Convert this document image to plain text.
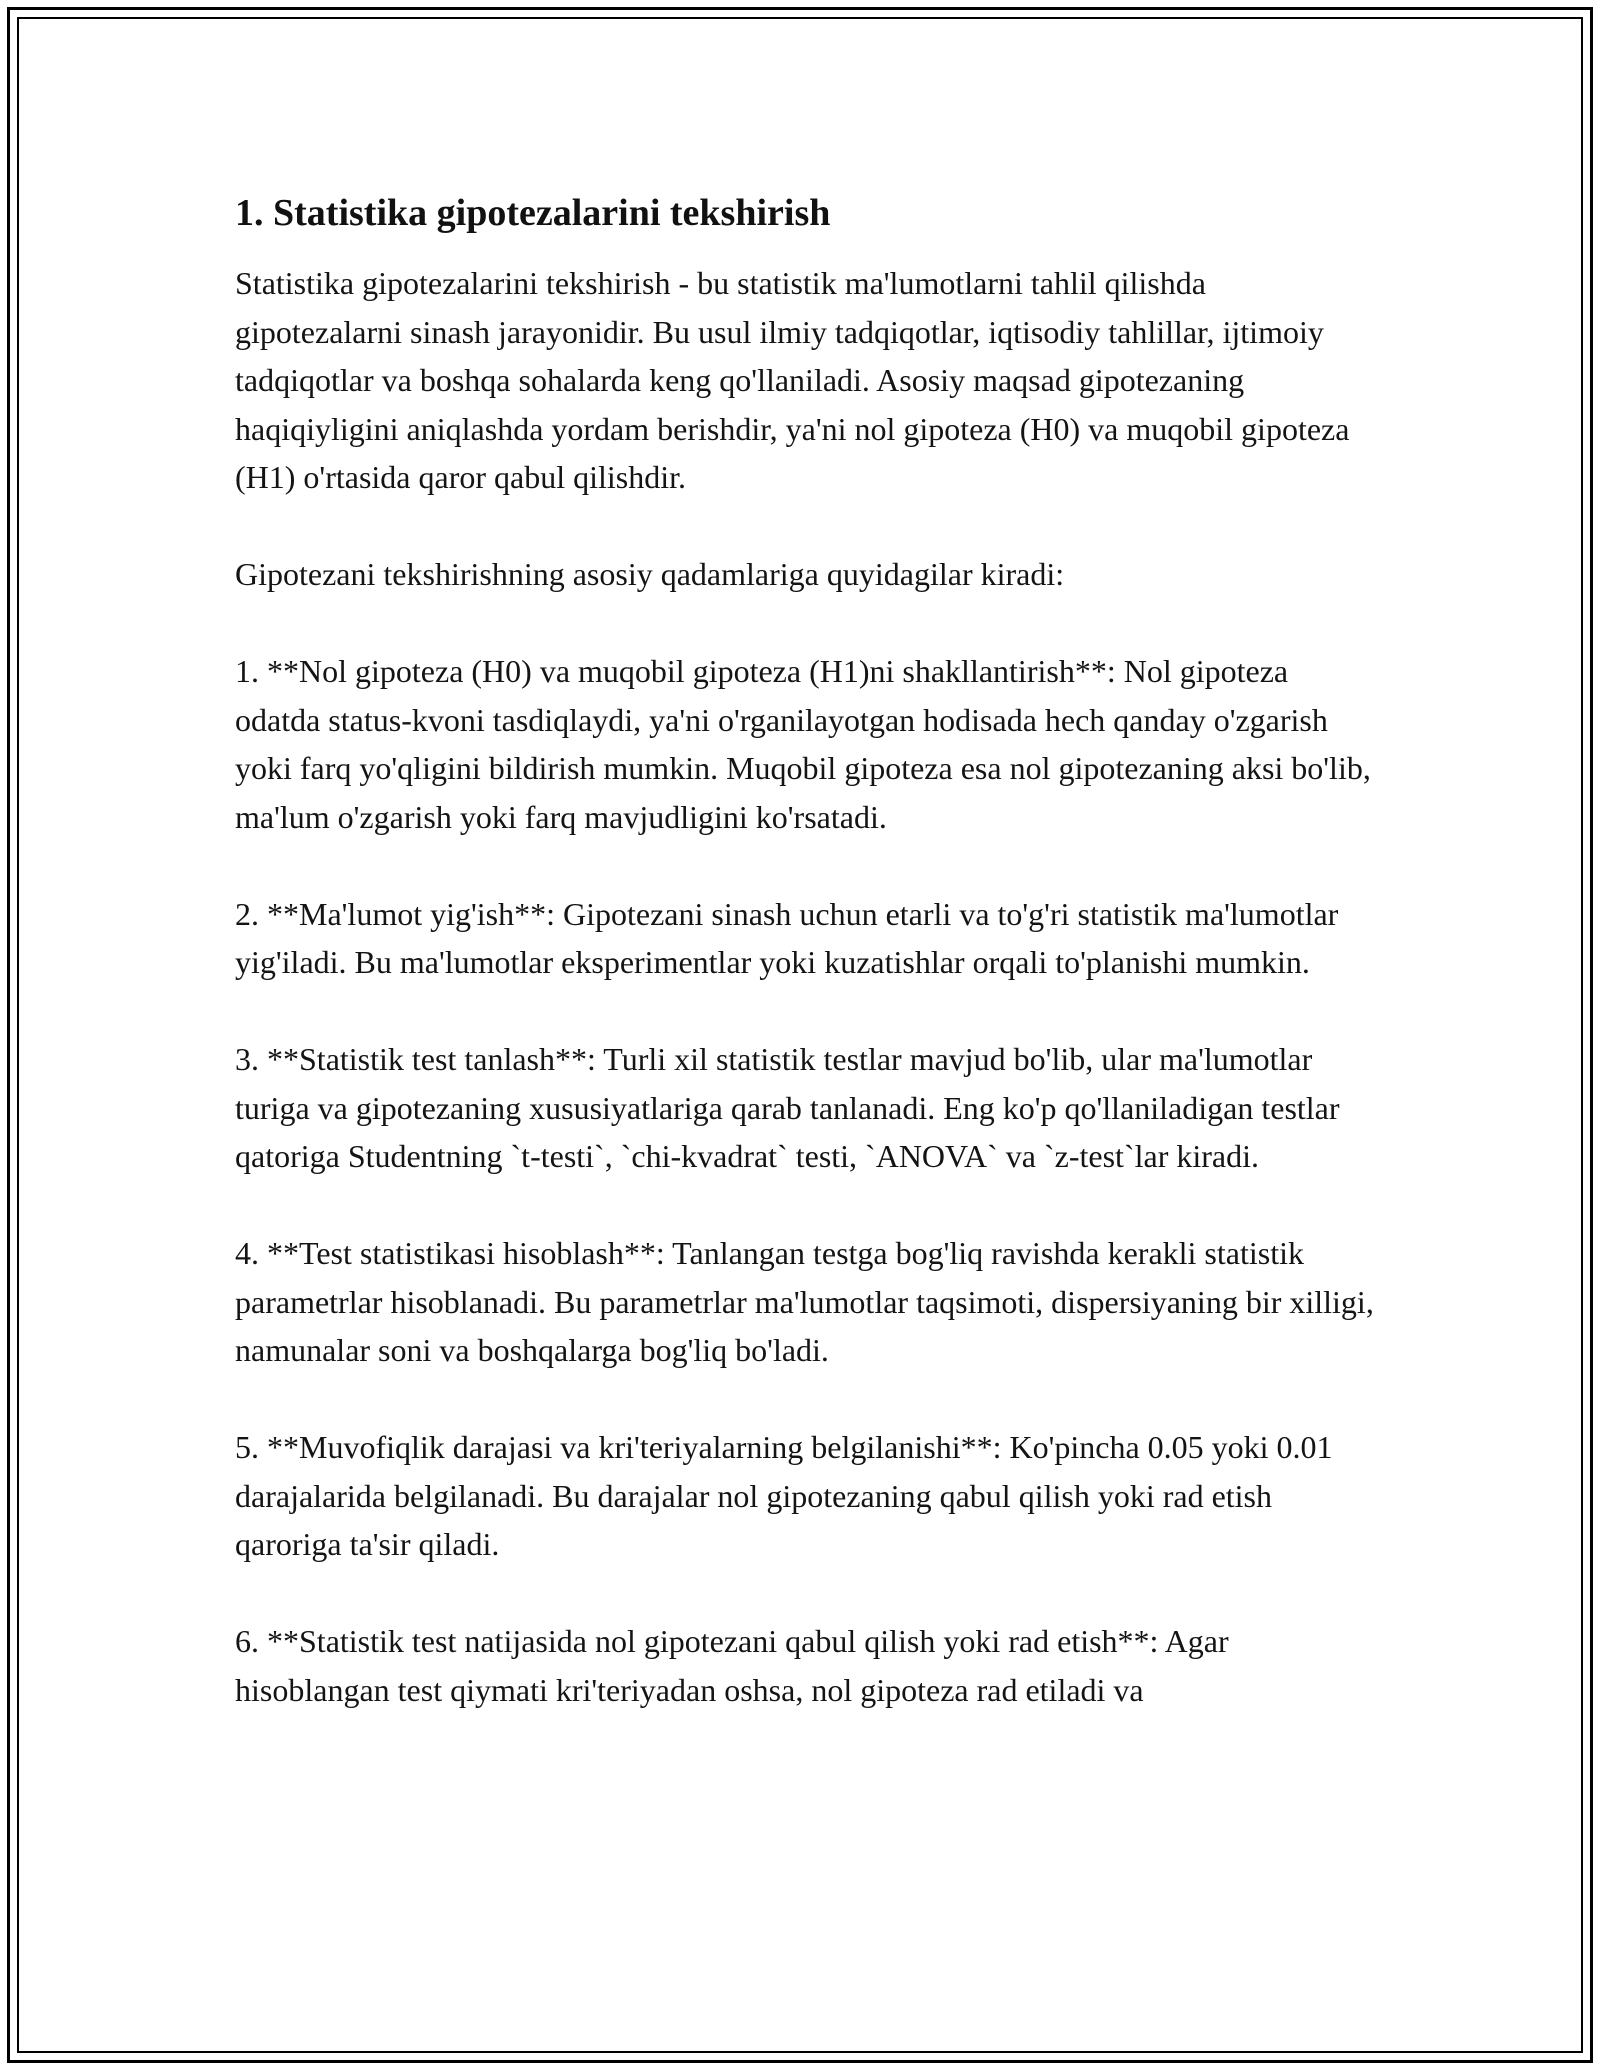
1. Statistika gipotezalarini tekshirish

Statistika gipotezalarini tekshirish - bu statistik ma'lumotlarni tahlil qilishda gipotezalarni sinash jarayonidir. Bu usul ilmiy tadqiqotlar, iqtisodiy tahlillar, ijtimoiy tadqiqotlar va boshqa sohalarda keng qo'llaniladi. Asosiy maqsad gipotezaning haqiqiyligini aniqlashda yordam berishdir, ya'ni nol gipoteza (H0) va muqobil gipoteza (H1) o'rtasida qaror qabul qilishdir.

Gipotezani tekshirishning asosiy qadamlariga quyidagilar kiradi:

1. **Nol gipoteza (H0) va muqobil gipoteza (H1)ni shakllantirish**: Nol gipoteza odatda status-kvoni tasdiqlaydi, ya'ni o'rganilayotgan hodisada hech qanday o'zgarish yoki farq yo'qligini bildirish mumkin. Muqobil gipoteza esa nol gipotezaning aksi bo'lib, ma'lum o'zgarish yoki farq mavjudligini ko'rsatadi.

2. **Ma'lumot yig'ish**: Gipotezani sinash uchun etarli va to'g'ri statistik ma'lumotlar yig'iladi. Bu ma'lumotlar eksperimentlar yoki kuzatishlar orqali to'planishi mumkin.

3. **Statistik test tanlash**: Turli xil statistik testlar mavjud bo'lib, ular ma'lumotlar turiga va gipotezaning xususiyatlariga qarab tanlanadi. Eng ko'p qo'llaniladigan testlar qatoriga Studentning `t-testi`, `chi-kvadrat` testi, `ANOVA` va `z-test`lar kiradi.

4. **Test statistikasi hisoblash**: Tanlangan testga bog'liq ravishda kerakli statistik parametrlar hisoblanadi. Bu parametrlar ma'lumotlar taqsimoti, dispersiyaning bir xilligi, namunalar soni va boshqalarga bog'liq bo'ladi.

5. **Muvofiqlik darajasi va kri'teriyalarning belgilanishi**: Ko'pincha 0.05 yoki 0.01 darajalarida belgilanadi. Bu darajalar nol gipotezaning qabul qilish yoki rad etish qaroriga ta'sir qiladi.

6. **Statistik test natijasida nol gipotezani qabul qilish yoki rad etish**: Agar hisoblangan test qiymati kri'teriyadan oshsa, nol gipoteza rad etiladi va
